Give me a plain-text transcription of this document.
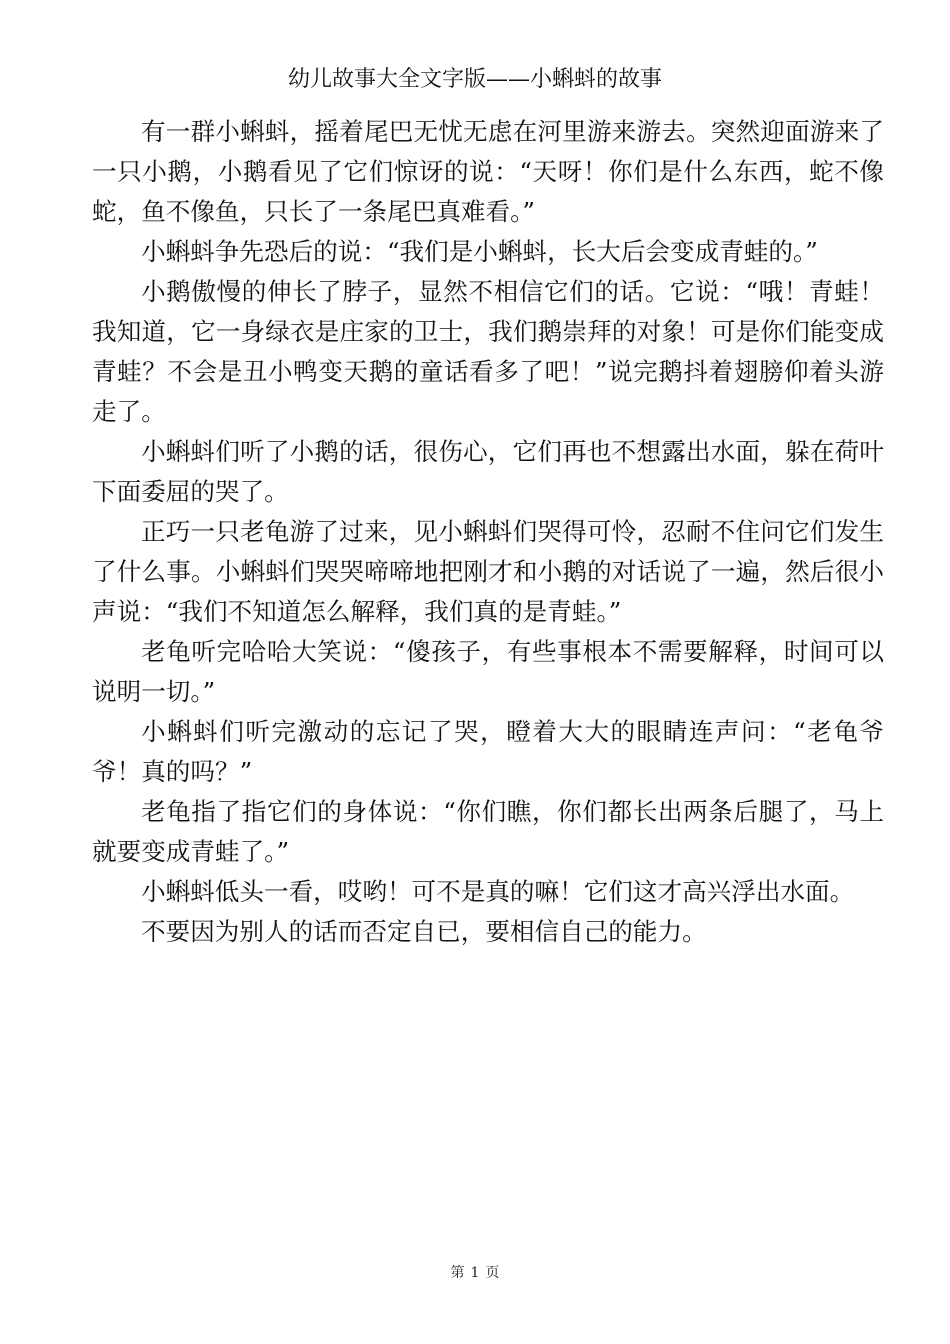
幼儿故事大全文字版——小蝌蚪的故事

有一群小蝌蚪，摇着尾巴无忧无虑在河里游来游去。突然迎面游来了一只小鹅，小鹅看见了它们惊讶的说：“天呀！你们是什么东西，蛇不像蛇，鱼不像鱼，只长了一条尾巴真难看。”

小蝌蚪争先恐后的说：“我们是小蝌蚪，长大后会变成青蛙的。”

小鹅傲慢的伸长了脖子，显然不相信它们的话。它说：“哦！青蛙！我知道，它一身绿衣是庄家的卫士，我们鹅崇拜的对象！可是你们能变成青蛙？不会是丑小鸭变天鹅的童话看多了吧！”说完鹅抖着翅膀仰着头游走了。

小蝌蚪们听了小鹅的话，很伤心，它们再也不想露出水面，躲在荷叶下面委屈的哭了。

正巧一只老龟游了过来，见小蝌蚪们哭得可怜，忍耐不住问它们发生了什么事。小蝌蚪们哭哭啼啼地把刚才和小鹅的对话说了一遍，然后很小声说：“我们不知道怎么解释，我们真的是青蛙。”

老龟听完哈哈大笑说：“傻孩子，有些事根本不需要解释，时间可以说明一切。”

小蝌蚪们听完激动的忘记了哭，瞪着大大的眼睛连声问：“老龟爷爷！真的吗？”

老龟指了指它们的身体说：“你们瞧，你们都长出两条后腿了，马上就要变成青蛙了。”

小蝌蚪低头一看，哎哟！可不是真的嘛！它们这才高兴浮出水面。

不要因为别人的话而否定自已，要相信自己的能力。

第 1 页
